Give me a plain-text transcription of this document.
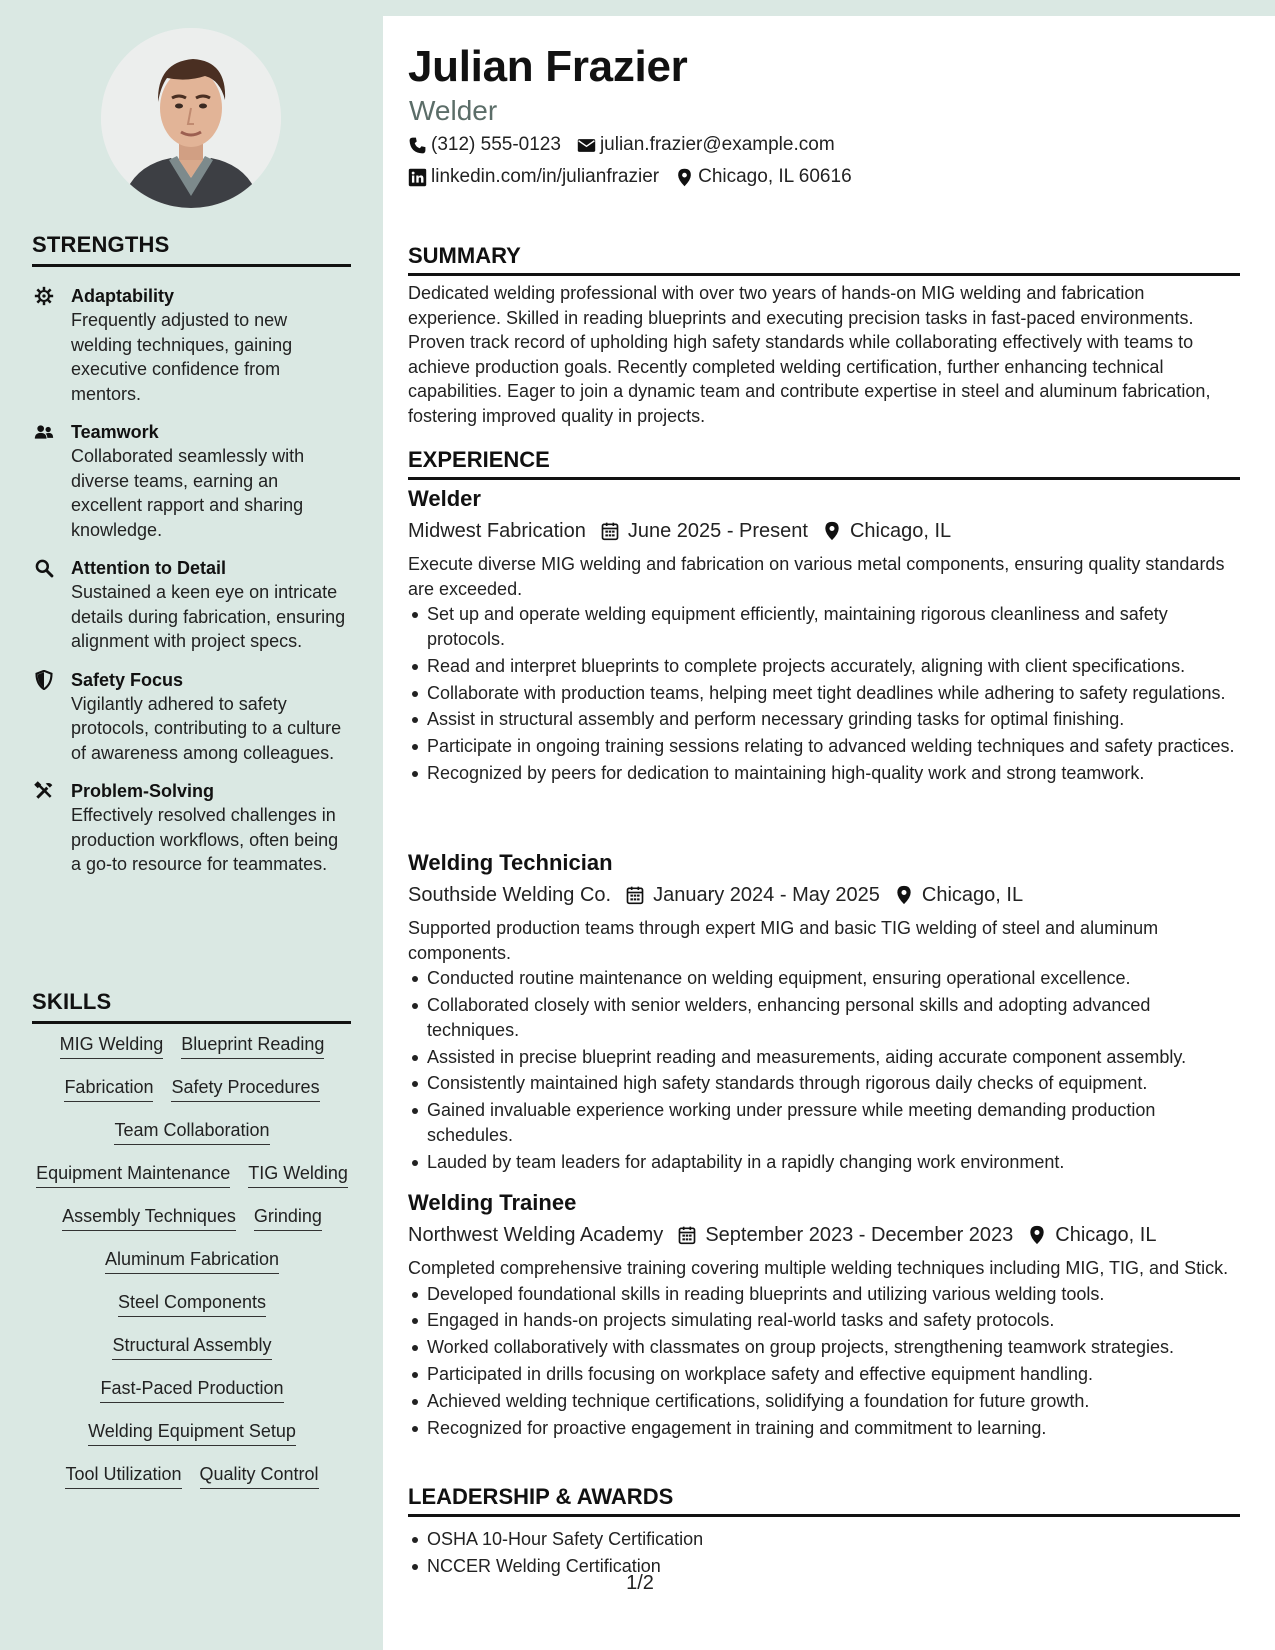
STRENGTHS
Adaptability
Frequently adjusted to new welding techniques, gaining executive confidence from mentors.
Teamwork
Collaborated seamlessly with diverse teams, earning an excellent rapport and sharing knowledge.
Attention to Detail
Sustained a keen eye on intricate details during fabrication, ensuring alignment with project specs.
Safety Focus
Vigilantly adhered to safety protocols, contributing to a culture of awareness among colleagues.
Problem-Solving
Effectively resolved challenges in production workflows, often being a go-to resource for teammates.
SKILLS
MIG Welding Blueprint Reading
Fabrication Safety Procedures
Team Collaboration
Equipment Maintenance TIG Welding
Assembly Techniques Grinding
Aluminum Fabrication
Steel Components
Structural Assembly
Fast-Paced Production
Welding Equipment Setup
Tool Utilization Quality Control
Julian Frazier
Welder
(312) 555-0123 julian.frazier@example.com
linkedin.com/in/julianfrazier Chicago, IL 60616
SUMMARY
Dedicated welding professional with over two years of hands-on MIG welding and fabrication experience. Skilled in reading blueprints and executing precision tasks in fast-paced environments. Proven track record of upholding high safety standards while collaborating effectively with teams to achieve production goals. Recently completed welding certification, further enhancing technical capabilities. Eager to join a dynamic team and contribute expertise in steel and aluminum fabrication, fostering improved quality in projects.
EXPERIENCE
Welder
Midwest Fabrication June 2025 - Present Chicago, IL
Execute diverse MIG welding and fabrication on various metal components, ensuring quality standards are exceeded.
Set up and operate welding equipment efficiently, maintaining rigorous cleanliness and safety protocols.
Read and interpret blueprints to complete projects accurately, aligning with client specifications.
Collaborate with production teams, helping meet tight deadlines while adhering to safety regulations.
Assist in structural assembly and perform necessary grinding tasks for optimal finishing.
Participate in ongoing training sessions relating to advanced welding techniques and safety practices.
Recognized by peers for dedication to maintaining high-quality work and strong teamwork.
Welding Technician
Southside Welding Co. January 2024 - May 2025 Chicago, IL
Supported production teams through expert MIG and basic TIG welding of steel and aluminum components.
Conducted routine maintenance on welding equipment, ensuring operational excellence.
Collaborated closely with senior welders, enhancing personal skills and adopting advanced techniques.
Assisted in precise blueprint reading and measurements, aiding accurate component assembly.
Consistently maintained high safety standards through rigorous daily checks of equipment.
Gained invaluable experience working under pressure while meeting demanding production schedules.
Lauded by team leaders for adaptability in a rapidly changing work environment.
Welding Trainee
Northwest Welding Academy September 2023 - December 2023 Chicago, IL
Completed comprehensive training covering multiple welding techniques including MIG, TIG, and Stick.
Developed foundational skills in reading blueprints and utilizing various welding tools.
Engaged in hands-on projects simulating real-world tasks and safety protocols.
Worked collaboratively with classmates on group projects, strengthening teamwork strategies.
Participated in drills focusing on workplace safety and effective equipment handling.
Achieved welding technique certifications, solidifying a foundation for future growth.
Recognized for proactive engagement in training and commitment to learning.
LEADERSHIP & AWARDS
OSHA 10-Hour Safety Certification
NCCER Welding Certification
1/2
